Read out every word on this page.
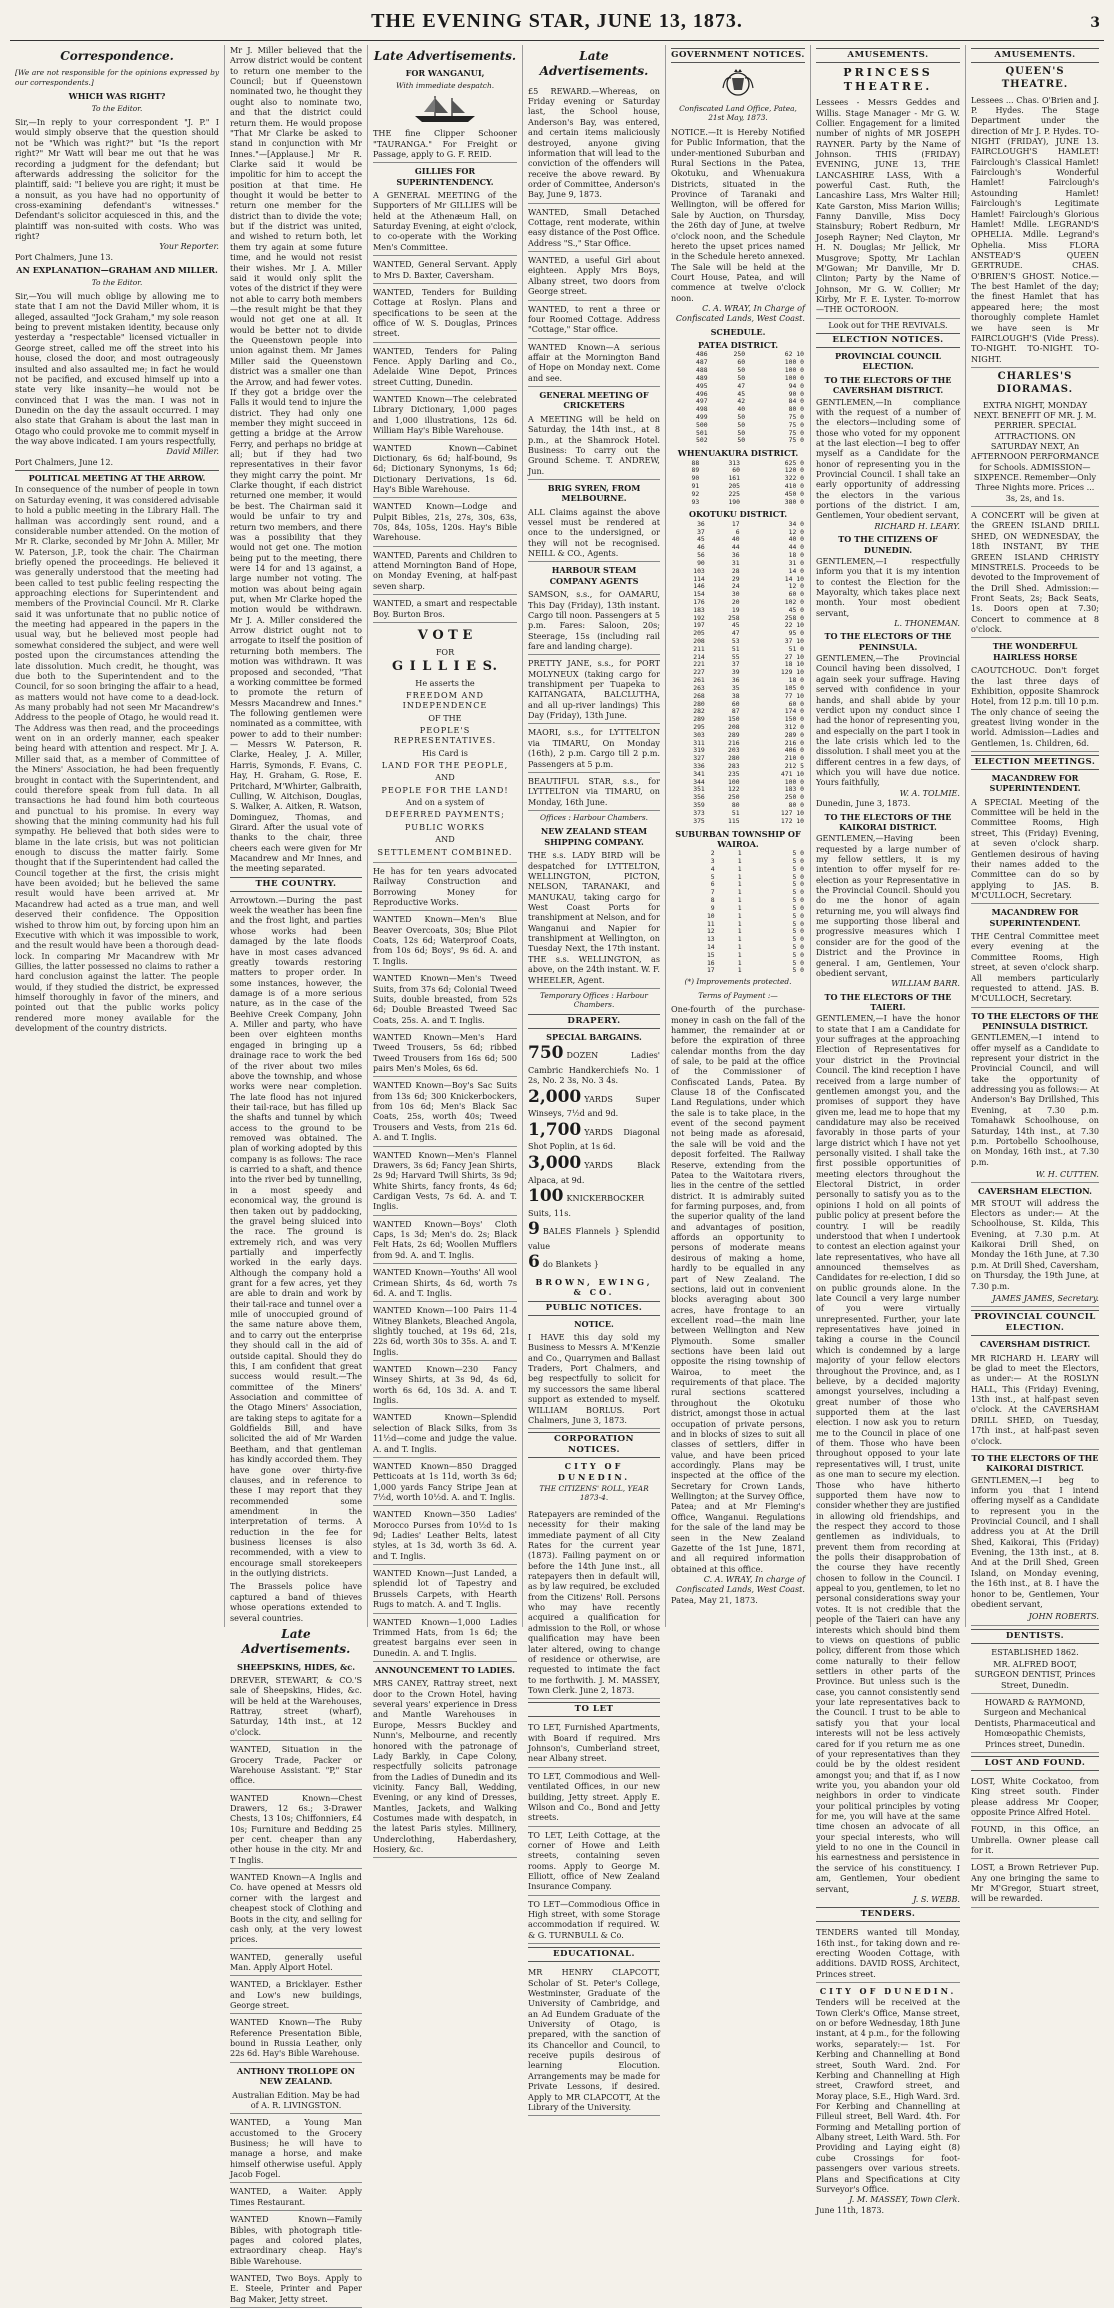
THE EVENING STAR, JUNE 13, 1873.	3
Correspondence.
[We are not responsible for the opinions expressed by our correspondents.]
WHICH WAS RIGHT?
To the Editor.

Sir,—In reply to your correspondent "J. P." I would simply observe that the question should not be "Which was right?" but "Is the report right?" Mr Watt will bear me out that he was recording a judgment for the defendant; but afterwards addressing the solicitor for the plaintiff, said: "I believe you are right; it must be a nonsuit, as you have had no opportunity of cross-examining defendant's witnesses." Defendant's solicitor acquiesced in this, and the plaintiff was non-suited with costs. Who was right?

Your Reporter.
Port Chalmers, June 13.
AN EXPLANATION—GRAHAM AND MILLER.
To the Editor.

Sir,—You will much oblige by allowing me to state that I am not the David Miller whom, it is alleged, assaulted "Jock Graham," my sole reason being to prevent mistaken identity, because only yesterday a "respectable" licensed victualler in George street, called me off the street into his house, closed the door, and most outrageously insulted and also assaulted me; in fact he would not be pacified, and excused himself up into a state very like insanity—he would not be convinced that I was the man. I was not in Dunedin on the day the assault occurred. I may also state that Graham is about the last man in Otago who could provoke me to commit myself in the way above indicated. I am yours respectfully,

David Miller.
Port Chalmers, June 12.
POLITICAL MEETING AT THE ARROW.

In consequence of the number of people in town on Saturday evening, it was considered advisable to hold a public meeting in the Library Hall. The hallman was accordingly sent round, and a considerable number attended. On the motion of Mr R. Clarke, seconded by Mr John A. Miller, Mr W. Paterson, J.P., took the chair. The Chairman briefly opened the proceedings. He believed it was generally understood that the meeting had been called to test public feeling respecting the approaching elections for Superintendent and members of the Provincial Council. Mr R. Clarke said it was unfortunate that no public notice of the meeting had appeared in the papers in the usual way, but he believed most people had somewhat considered the subject, and were well posted upon the circumstances attending the late dissolution. Much credit, he thought, was due both to the Superintendent and to the Council, for so soon bringing the affair to a head, as matters would not have come to a dead-lock. As many probably had not seen Mr Macandrew's Address to the people of Otago, he would read it. The Address was then read, and the proceedings went on in an orderly manner, each speaker being heard with attention and respect. Mr J. A. Miller said that, as a member of Committee of the Miners' Association, he had been frequently brought in contact with the Superintendent, and could therefore speak from full data. In all transactions he had found him both courteous and punctual to his promise. In every way showing that the mining community had his full sympathy. He believed that both sides were to blame in the late crisis, but was not politician enough to discuss the matter fairly. Some thought that if the Superintendent had called the Council together at the first, the crisis might have been avoided; but he believed the same result would have been arrived at. Mr Macandrew had acted as a true man, and well deserved their confidence. The Opposition wished to throw him out, by forcing upon him an Executive with which it was impossible to work, and the result would have been a thorough dead-lock. In comparing Mr Macandrew with Mr Gillies, the latter possessed no claims to rather a hard conclusion against the latter. The people would, if they studied the district, be expressed himself thoroughly in favor of the miners, and pointed out that the public works policy rendered more money available for the development of the country districts.

Mr J. Miller believed that the Arrow district would be content to return one member to the Council; but if Queenstown nominated two, he thought they ought also to nominate two, and that the district could return them. He would propose "That Mr Clarke be asked to stand in conjunction with Mr Innes."—[Applause.] Mr R. Clarke said it would be impolitic for him to accept the position at that time. He thought it would be better to return one member for the district than to divide the vote; but if the district was united, and wished to return both, let them try again at some future time, and he would not resist their wishes. Mr J. A. Miller said it would only split the votes of the district if they were not able to carry both members—the result might be that they would not get one at all. It would be better not to divide the Queenstown people into union against them. Mr James Miller said the Queenstown district was a smaller one than the Arrow, and had fewer votes. If they got a bridge over the Falls it would tend to injure the district. They had only one member they might succeed in getting a bridge at the Arrow Ferry, and perhaps no bridge at all; but if they had two representatives in their favor they might carry the point. Mr Clarke thought, if each district returned one member, it would be best. The Chairman said it would be unfair to try and return two members, and there was a possibility that they would not get one. The motion being put to the meeting, there were 14 for and 13 against, a large number not voting. The motion was about being again put, when Mr Clarke hoped the motion would be withdrawn. Mr J. A. Miller considered the Arrow district ought not to arrogate to itself the position of returning both members. The motion was withdrawn. It was proposed and seconded, "That a working committee be formed to promote the return of Messrs Macandrew and Innes." The following gentlemen were nominated as a committee, with power to add to their number:— Messrs W. Paterson, R. Clarke, Healey, J. A. Miller, Harris, Symonds, F. Evans, C. Hay, H. Graham, G. Rose, E. Pritchard, M'Whirter, Galbraith, Culling, W. Aitchison, Douglas, S. Walker, A. Aitken, R. Watson, Dominguez, Thomas, and Girard. After the usual vote of thanks to the chair, three cheers each were given for Mr Macandrew and Mr Innes, and the meeting separated.

THE COUNTRY.

Arrowtown.—During the past week the weather has been fine and the frost light, and parties whose works had been damaged by the late floods have in most cases advanced greatly towards restoring matters to proper order. In some instances, however, the damage is of a more serious nature, as in the case of the Beehive Creek Company, John A. Miller and party, who have been over eighteen months engaged in bringing up a drainage race to work the bed of the river about two miles above the township, and whose works were near completion. The late flood has not injured their tail-race, but has filled up the shafts and tunnel by which access to the ground to be removed was obtained. The plan of working adopted by this company is as follows: The race is carried to a shaft, and thence into the river bed by tunnelling, in a most speedy and economical way, the ground is then taken out by paddocking, the gravel being sluiced into the race. The ground is extremely rich, and was very partially and imperfectly worked in the early days. Although the company hold a grant for a few acres, yet they are able to drain and work by their tail-race and tunnel over a mile of unoccupied ground of the same nature above them, and to carry out the enterprise they should call in the aid of outside capital. Should they do this, I am confident that great success would result.—The committee of the Miners' Association and committee of the Otago Miners' Association, are taking steps to agitate for a Goldfields Bill, and have solicited the aid of Mr Warden Beetham, and that gentleman has kindly accorded them. They have gone over thirty-five clauses, and in reference to these I may report that they recommended some amendment in the interpretation of terms. A reduction in the fee for business licenses is also recommended, with a view to encourage small storekeepers in the outlying districts.

The Brassels police have captured a band of thieves whose operations extended to several countries.

Late Advertisements.
SHEEPSKINS, HIDES, &c.
DREVER, STEWART, & CO.'S sale of Sheepskins, Hides, &c. will be held at the Warehouses, Rattray, street (wharf), Saturday, 14th inst., at 12 o'clock.
WANTED, Situation in the Grocery Trade, Packer or Warehouse Assistant. "P," Star office.
WANTED Known—Chest Drawers, 12 6s.; 3-Drawer Chests, 13 10s; Chiffonniers, £4 10s; Furniture and Bedding 25 per cent. cheaper than any other house in the city. Mr and T Inglis.
WANTED Known—A Inglis and Co. have opened at Messrs old corner with the largest and cheapest stock of Clothing and Boots in the city, and selling for cash only, at the very lowest prices.
WANTED, generally useful Man. Apply Alport Hotel.
WANTED, a Bricklayer. Esther and Low's new buildings, George street.
WANTED Known—The Ruby Reference Presentation Bible, bound in Russia Leather, only 22s 6d. Hay's Bible Warehouse.
ANTHONY TROLLOPE ON NEW ZEALAND.
Australian Edition. May be had of A. R. LIVINGSTON.
WANTED, a Young Man accustomed to the Grocery Business; he will have to manage a horse, and make himself otherwise useful. Apply Jacob Fogel.
WANTED, a Waiter. Apply Times Restaurant.
WANTED Known—Family Bibles, with photograph title-pages and colored plates, extraordinary cheap. Hay's Bible Warehouse.
WANTED, Two Boys. Apply to E. Steele, Printer and Paper Bag Maker, Jetty street.
Late Advertisements.
FOR WANGANUI,
With immediate despatch.
THE fine Clipper Schooner "TAURANGA." For Freight or Passage, apply to G. F. REID.
GILLIES FOR SUPERINTENDENCY.
A GENERAL MEETING of the Supporters of Mr GILLIES will be held at the Athenæum Hall, on Saturday Evening, at eight o'clock, to co-operate with the Working Men's Committee.
WANTED, General Servant. Apply to Mrs D. Baxter, Caversham.
WANTED, Tenders for Building Cottage at Roslyn. Plans and specifications to be seen at the office of W. S. Douglas, Princes street.
WANTED, Tenders for Paling Fence. Apply Darling and Co., Adelaide Wine Depot, Princes street Cutting, Dunedin.
WANTED Known—The celebrated Library Dictionary, 1,000 pages and 1,000 illustrations, 12s 6d. William Hay's Bible Warehouse.
WANTED Known—Cabinet Dictionary, 6s 6d; half-bound, 9s 6d; Dictionary Synonyms, 1s 6d; Dictionary Derivations, 1s 6d. Hay's Bible Warehouse.
WANTED Known—Lodge and Pulpit Bibles, 21s, 27s, 30s, 63s, 70s, 84s, 105s, 120s. Hay's Bible Warehouse.
WANTED, Parents and Children to attend Mornington Band of Hope, on Monday Evening, at half-past seven sharp.
WANTED, a smart and respectable Boy. Burton Bros.
V O T E
FOR
G I L L I E S.
He asserts the
FREEDOM AND INDEPENDENCE
OF THE
PEOPLE'S REPRESENTATIVES.
His Card is
LAND FOR THE PEOPLE,
AND
PEOPLE FOR THE LAND!
And on a system of
DEFERRED PAYMENTS;
PUBLIC WORKS
AND
SETTLEMENT COMBINED.
He has for ten years advocated Railway Construction and Borrowing Money for Reproductive Works.
WANTED Known—Men's Blue Beaver Overcoats, 30s; Blue Pilot Coats, 12s 6d; Waterproof Coats, from 10s 6d; Boys', 9s 6d. A. and T. Inglis.
WANTED Known—Men's Tweed Suits, from 37s 6d; Colonial Tweed Suits, double breasted, from 52s 6d; Double Breasted Tweed Sac Coats, 25s. A. and T. Inglis.
WANTED Known—Men's Hard Tweed Trousers, 5s 6d; ribbed Tweed Trousers from 16s 6d; 500 pairs Men's Moles, 6s 6d.
WANTED Known—Boy's Sac Suits from 13s 6d; 300 Knickerbockers, from 10s 6d; Men's Black Sac Coats, 25s, worth 40s; Tweed Trousers and Vests, from 21s 6d. A. and T. Inglis.
WANTED Known—Men's Flannel Drawers, 3s 6d; Fancy Jean Shirts, 2s 9d; Harvard Twill Shirts, 3s 9d; White Shirts, fancy fronts, 4s 6d; Cardigan Vests, 7s 6d. A. and T. Inglis.
WANTED Known—Boys' Cloth Caps, 1s 3d; Men's do. 2s; Black Felt Hats, 2s 6d; Woollen Mufflers from 9d. A. and T. Inglis.
WANTED Known—Youths' All wool Crimean Shirts, 4s 6d, worth 7s 6d. A. and T. Inglis.
WANTED Known—100 Pairs 11-4 Witney Blankets, Bleached Angola, slightly touched, at 19s 6d, 21s, 22s 6d, worth 30s to 35s. A. and T. Inglis.
WANTED Known—230 Fancy Winsey Shirts, at 3s 9d, 4s 6d, worth 6s 6d, 10s 3d. A. and T. Inglis.
WANTED Known—Splendid selection of Black Silks, from 3s 11½d—come and judge the value. A. and T. Inglis.
WANTED Known—850 Dragged Petticoats at 1s 11d, worth 3s 6d; 1,000 yards Fancy Stripe Jean at 7½d, worth 10½d. A. and T. Inglis.
WANTED Known—350 Ladies' Morocco Purses from 10½d to 1s 9d; Ladies' Leather Belts, latest styles, at 1s 3d, worth 3s 6d. A. and T. Inglis.
WANTED Known—Just Landed, a splendid lot of Tapestry and Brussels Carpets, with Hearth Rugs to match. A. and T. Inglis.
WANTED Known—1,000 Ladies Trimmed Hats, from 1s 6d; the greatest bargains ever seen in Dunedin. A. and T. Inglis.
ANNOUNCEMENT TO LADIES.
MRS CANEY, Rattray street, next door to the Crown Hotel, having several years' experience in Dress and Mantle Warehouses in Europe, Messrs Buckley and Nunn's, Melbourne, and recently honored with the patronage of Lady Barkly, in Cape Colony, respectfully solicits patronage from the Ladies of Dunedin and its vicinity. Fancy Ball, Wedding, Evening, or any kind of Dresses, Mantles, Jackets, and Walking Costumes made with despatch, in the latest Paris styles. Millinery, Underclothing, Haberdashery, Hosiery, &c.
Late Advertisements.
£5 REWARD.—Whereas, on Friday evening or Saturday last, the School house, Anderson's Bay, was entered, and certain items maliciously destroyed, anyone giving information that will lead to the conviction of the offenders will receive the above reward. By order of Committee, Anderson's Bay, June 9, 1873.
WANTED, Small Detached Cottage, rent moderate, within easy distance of the Post Office. Address "S.," Star Office.
WANTED, a useful Girl about eighteen. Apply Mrs Boys, Albany street, two doors from George street.
WANTED, to rent a three or four Roomed Cottage. Address "Cottage," Star office.
WANTED Known—A serious affair at the Mornington Band of Hope on Monday next. Come and see.
GENERAL MEETING OF CRICKETERS
A MEETING will be held on Saturday, the 14th inst., at 8 p.m., at the Shamrock Hotel. Business: To carry out the Ground Scheme. T. ANDREW, Jun.
BRIG SYREN, FROM MELBOURNE.
ALL Claims against the above vessel must be rendered at once to the undersigned, or they will not be recognised. NEILL & CO., Agents.
HARBOUR STEAM COMPANY AGENTS
SAMSON, s.s., for OAMARU, This Day (Friday), 13th instant. Cargo till noon. Passengers at 5 p.m. Fares: Saloon, 20s; Steerage, 15s (including rail fare and landing charge).
PRETTY JANE, s.s., for PORT MOLYNEUX (taking cargo for transhipment per Tuapeka to KAITANGATA, BALCLUTHA, and all up-river landings) This Day (Friday), 13th June.
MAORI, s.s., for LYTTELTON via TIMARU, On Monday (16th), 2 p.m. Cargo till 2 p.m. Passengers at 5 p.m.
BEAUTIFUL STAR, s.s., for LYTTELTON via TIMARU, on Monday, 16th June.
Offices : Harbour Chambers.
NEW ZEALAND STEAM SHIPPING COMPANY.
THE s.s. LADY BIRD will be despatched for LYTTELTON, WELLINGTON, PICTON, NELSON, TARANAKI, and MANUKAU, taking cargo for West Coast Ports for transhipment at Nelson, and for Wanganui and Napier for transhipment at Wellington, on Tuesday Next, the 17th instant. THE s.s. WELLINGTON, as above, on the 24th instant. W. F. WHEELER, Agent.
Temporary Offices : Harbour Chambers.
DRAPERY.
SPECIAL BARGAINS.
750 DOZEN Ladies' Cambric Handkerchiefs No. 1 2s, No. 2 3s, No. 3 4s.
2,000 YARDS Super Winseys, 7½d and 9d.
1,700 YARDS Diagonal Shot Poplin, at 1s 6d.
3,000 YARDS Black Alpaca, at 9d.
100 KNICKERBOCKER Suits, 11s.
9 BALES Flannels } Splendid value
6 do Blankets }
BROWN, EWING, & CO.
PUBLIC NOTICES.
NOTICE.
I HAVE this day sold my Business to Messrs A. M'Kenzie and Co., Quarrymen and Ballast Traders, Port Chalmers, and beg respectfully to solicit for my successors the same liberal support as extended to myself. WILLIAM BORLUS. Port Chalmers, June 3, 1873.
CORPORATION NOTICES.
CITY OF DUNEDIN.
THE CITIZENS' ROLL, YEAR 1873-4.
Ratepayers are reminded of the necessity for their making immediate payment of all City Rates for the current year (1873). Failing payment on or before the 14th June inst., all ratepayers then in default will, as by law required, be excluded from the Citizens' Roll. Persons who may have recently acquired a qualification for admission to the Roll, or whose qualification may have been later altered, owing to change of residence or otherwise, are requested to intimate the fact to me forthwith. J. M. MASSEY, Town Clerk. June 2, 1873.
TO LET
TO LET, Furnished Apartments, with Board if required. Mrs Johnson's, Cumberland street, near Albany street.
TO LET, Commodious and Well-ventilated Offices, in our new building, Jetty street. Apply E. Wilson and Co., Bond and Jetty streets.
TO LET, Leith Cottage, at the corner of Howe and Leith streets, containing seven rooms. Apply to George M. Elliott, office of New Zealand Insurance Company.
TO LET—Commodious Office in High street, with some Storage accommodation if required. W. & G. TURNBULL & Co.
EDUCATIONAL.
MR HENRY CLAPCOTT, Scholar of St. Peter's College, Westminster, Graduate of the University of Cambridge, and an Ad Eundem Graduate of the University of Otago, is prepared, with the sanction of its Chancellor and Council, to receive pupils desirous of learning Elocution. Arrangements may be made for Private Lessons, if desired. Apply to MR CLAPCOTT, At the Library of the University.
GOVERNMENT NOTICES.
Confiscated Land Office, Patea, 21st May, 1873.

NOTICE.—It is Hereby Notified for Public Information, that the under-mentioned Suburban and Rural Sections in the Patea, Okotuku, and Whenuakura Districts, situated in the Province of Taranaki and Wellington, will be offered for Sale by Auction, on Thursday, the 26th day of June, at twelve o'clock noon, and the Schedule hereto the upset prices named in the Schedule hereto annexed. The Sale will be held at the Court House, Patea, and will commence at twelve o'clock noon.

C. A. WRAY, In Charge of Confiscated Lands, West Coast.
SCHEDULE.
PATEA DISTRICT.
486	250	62 10
487	60	100 0
488	50	100 0
489	50	100 0
495	47	94 0
496	45	90 0
497	42	84 0
498	40	80 0
499	50	75 0
500	50	75 0
501	50	75 0
502	50	75 0
WHENUAKURA DISTRICT.
88	313	625 0
89	60	120 0
90	161	322 0
91	205	410 0
92	225	450 0
93	190	380 0
OKOTUKU DISTRICT.
36	17	34 0
37	6	12 0
45	40	40 0
46	44	44 0
56	36	18 0
90	31	31 0
103	28	14 0
114	29	14 10
146	24	12 0
154	30	60 0
176	20	102 0
183	19	45 0
192	258	258 0
197	45	22 10
205	47	95 0
208	53	37 10
211	51	51 0
214	55	27 10
221	37	18 10
227	39	129 10
261	36	18 0
263	35	105 0
268	38	77 10
280	60	60 0
282	87	174 0
289	150	150 0
295	208	312 0
303	289	289 0
311	216	216 0
319	203	406 0
327	280	210 0
336	283	212 5
341	235	471 10
344	100	100 0
351	122	183 0
356	250	250 0
359	80	80 0
373	51	127 10
375	115	172 10
SUBURBAN TOWNSHIP OF WAIROA.
2	1	5 0
3	1	5 0
4	1	5 0
5	1	5 0
6	1	5 0
7	1	5 0
8	1	5 0
9	1	5 0
10	1	5 0
11	1	5 0
12	1	5 0
13	1	5 0
14	1	5 0
15	1	5 0
16	1	5 0
17	1	5 0
(*) Improvements protected.
Terms of Payment :—

One-fourth of the purchase-money in cash on the fall of the hammer, the remainder at or before the expiration of three calendar months from the day of sale, to be paid at the office of the Commissioner of Confiscated Lands, Patea. By Clause 18 of the Confiscated Land Regulations, under which the sale is to take place, in the event of the second payment not being made as aforesaid, the sale will be void and the deposit forfeited. The Railway Reserve, extending from the Patea to the Waitotara rivers, lies in the centre of the settled district. It is admirably suited for farming purposes, and, from the superior quality of the land and advantages of position, affords an opportunity to persons of moderate means desirous of making a home, hardly to be equalled in any part of New Zealand. The sections, laid out in convenient blocks averaging about 300 acres, have frontage to an excellent road—the main line between Wellington and New Plymouth. Some smaller sections have been laid out opposite the rising township of Wairoa, to meet the requirements of that place. The rural sections scattered throughout the Okotuku district, amongst those in actual occupation of private persons, and in blocks of sizes to suit all classes of settlers, differ in value, and have been priced accordingly. Plans may be inspected at the office of the Secretary for Crown Lands, Wellington; at the Survey Office, Patea; and at Mr Fleming's Office, Wanganui. Regulations for the sale of the land may be seen in the New Zealand Gazette of the 1st June, 1871, and all required information obtained at this office.

C. A. WRAY, In charge of Confiscated Lands, West Coast.
Patea, May 21, 1873.
AMUSEMENTS.
PRINCESS THEATRE.
Lessees - Messrs Geddes and Willis. Stage Manager - Mr G. W. Collier. Engagement for a limited number of nights of MR JOSEPH RAYNER. Party by the Name of Johnson. THIS (FRIDAY) EVENING, JUNE 13, THE LANCASHIRE LASS, With a powerful Cast. Ruth, the Lancashire Lass, Mrs Walter Hill; Kate Garston, Miss Marion Willis; Fanny Danville, Miss Docy Stainsbury; Robert Redburn, Mr Joseph Rayner; Ned Clayton, Mr H. N. Douglas; Mr Jellick, Mr Musgrove; Spotty, Mr Lachlan M'Gowan; Mr Danville, Mr D. Clinton; Party by the Name of Johnson, Mr G. W. Collier; Mr Kirby, Mr F. E. Lyster. To-morrow—THE OCTOROON.
Look out for THE REVIVALS.
ELECTION NOTICES.
PROVINCIAL COUNCIL ELECTION.
TO THE ELECTORS OF THE CAVERSHAM DISTRICT.

GENTLEMEN,—In compliance with the request of a number of the electors—including some of those who voted for my opponent at the last election—I beg to offer myself as a Candidate for the honor of representing you in the Provincial Council. I shall take an early opportunity of addressing the electors in the various portions of the district. I am, Gentlemen, Your obedient servant,

RICHARD H. LEARY.
TO THE CITIZENS OF DUNEDIN.

GENTLEMEN,—I respectfully inform you that it is my intention to contest the Election for the Mayoralty, which takes place next month. Your most obedient servant,

L. THONEMAN.
TO THE ELECTORS OF THE PENINSULA.

GENTLEMEN,—The Provincial Council having been dissolved, I again seek your suffrage. Having served with confidence in your hands, and shall abide by your verdict upon my conduct since I had the honor of representing you, and especially on the part I took in the late crisis which led to the dissolution. I shall meet you at the different centres in a few days, of which you will have due notice. Yours faithfully,

W. A. TOLMIE.
Dunedin, June 3, 1873.
TO THE ELECTORS OF THE KAIKORAI DISTRICT.

GENTLEMEN,—Having been requested by a large number of my fellow settlers, it is my intention to offer myself for re-election as your Representative in the Provincial Council. Should you do me the honor of again returning me, you will always find me supporting those liberal and progressive measures which I consider are for the good of the District and the Province in general. I am, Gentlemen, Your obedient servant,

WILLIAM BARR.
TO THE ELECTORS OF THE TAIERI.

GENTLEMEN,—I have the honor to state that I am a Candidate for your suffrages at the approaching Election of Representatives for your district in the Provincial Council. The kind reception I have received from a large number of gentlemen amongst you, and the promises of support they have given me, lead me to hope that my candidature may also be received favorably in those parts of your large district which I have not yet personally visited. I shall take the first possible opportunities of meeting electors throughout the Electoral District, in order personally to satisfy you as to the opinions I hold on all points of public policy at present before the country. I will be readily understood that when I undertook to contest an election against your late representatives, who have all announced themselves as Candidates for re-election, I did so on public grounds alone. In the late Council a very large number of you were virtually unrepresented. Further, your late representatives have joined in taking a course in the Council which is condemned by a large majority of your fellow electors throughout the Province, and, as I believe, by a decided majority amongst yourselves, including a great number of those who supported them at the last election. I now ask you to return me to the Council in place of one of them. Those who have been throughout opposed to your late representatives will, I trust, unite as one man to secure my election. Those who have hitherto supported them have now to consider whether they are justified in allowing old friendships, and the respect they accord to those gentlemen as individuals, to prevent them from recording at the polls their disapprobation of the course they have recently chosen to follow in the Council. I appeal to you, gentlemen, to let no personal considerations sway your votes. It is not credible that the people of the Taieri can have any interests which should bind them to views on questions of public policy, different from those which come naturally to their fellow settlers in other parts of the Province. But unless such is the case, you cannot consistently send your late representatives back to the Council. I trust to be able to satisfy you that your local interests will not be less actively cared for if you return me as one of your representatives than they could be by the oldest resident amongst you; and that if, as I now write you, you abandon your old neighbors in order to vindicate your political principles by voting for me, you will have at the same time chosen an advocate of all your special interests, who will yield to no one in the Council in his earnestness and persistence in the service of his constituency. I am, Gentlemen, Your obedient servant,

J. S. WEBB.
TENDERS.
TENDERS wanted till Monday, 16th inst., for taking down and re-erecting Wooden Cottage, with additions. DAVID ROSS, Architect, Princes street.
CITY OF DUNEDIN.

Tenders will be received at the Town Clerk's Office, Manse street, on or before Wednesday, 18th June instant, at 4 p.m., for the following works, separately:— 1st. For Kerbing and Channelling at Bond street, South Ward. 2nd. For Kerbing and Channelling at High street, Crawford street, and Moray place, S.E., High Ward. 3rd. For Kerbing and Channelling at Filleul street, Bell Ward. 4th. For Forming and Metalling portion of Albany street, Leith Ward. 5th. For Providing and Laying eight (8) cube Crossings for foot-passengers over various streets. Plans and Specifications at City Surveyor's Office.

J. M. MASSEY, Town Clerk.
June 11th, 1873.
AMUSEMENTS.
QUEEN'S THEATRE.
Lessees ... Chas. O'Brien and J. P. Hydes. The Stage Department under the direction of Mr J. P. Hydes. TO-NIGHT (FRIDAY), JUNE 13. FAIRCLOUGH'S HAMLET! Fairclough's Classical Hamlet! Fairclough's Wonderful Hamlet! Fairclough's Astounding Hamlet! Fairclough's Legitimate Hamlet! Fairclough's Glorious Hamlet! Mdlle. LEGRAND'S OPHELIA. Mdlle. Legrand's Ophelia. Miss FLORA ANSTEAD'S QUEEN GERTRUDE. CHAS. O'BRIEN'S GHOST. Notice.—The best Hamlet of the day; the finest Hamlet that has appeared here; the most thoroughly complete Hamlet we have seen is Mr FAIRCLOUGH'S (Vide Press). TO-NIGHT. TO-NIGHT. TO-NIGHT.
CHARLES'S DIORAMAS.
EXTRA NIGHT, MONDAY NEXT. BENEFIT OF MR. J. M. PERRIER. SPECIAL ATTRACTIONS. ON SATURDAY NEXT, An AFTERNOON PERFORMANCE for Schools. ADMISSION—SIXPENCE. Remember—Only Three Nights more. Prices ... 3s, 2s, and 1s.
A CONCERT will be given at the GREEN ISLAND DRILL SHED, ON WEDNESDAY, the 18th INSTANT, BY THE GREEN ISLAND CHRISTY MINSTRELS. Proceeds to be devoted to the Improvement of the Drill Shed. Admission:—Front Seats, 2s; Back Seats, 1s. Doors open at 7.30; Concert to commence at 8 o'clock.
THE WONDERFUL HAIRLESS HORSE
CAOUTCHOUC. Don't forget the last three days of Exhibition, opposite Shamrock Hotel, from 12 p.m. till 10 p.m. The only chance of seeing the greatest living wonder in the world. Admission—Ladies and Gentlemen, 1s. Children, 6d.
ELECTION MEETINGS.
MACANDREW FOR SUPERINTENDENT.
A SPECIAL Meeting of the Committee will be held in the Committee Rooms, High street, This (Friday) Evening, at seven o'clock sharp. Gentlemen desirous of having their names added to the Committee can do so by applying to JAS. B. M'CULLOCH, Secretary.
MACANDREW FOR SUPERINTENDENT.
THE Central Committee meet every evening at the Committee Rooms, High street, at seven o'clock sharp. All members particularly requested to attend. JAS. B. M'CULLOCH, Secretary.
TO THE ELECTORS OF THE PENINSULA DISTRICT.
GENTLEMEN,—I intend to offer myself as a Candidate to represent your district in the Provincial Council, and will take the opportunity of addressing you as follows:— At Anderson's Bay Drillshed, This Evening, at 7.30 p.m. Tomahawk Schoolhouse, on Saturday, 14th inst., at 7.30 p.m. Portobello Schoolhouse, on Monday, 16th inst., at 7.30 p.m.
W. H. CUTTEN.
CAVERSHAM ELECTION.
MR STOUT will address the Electors as under:— At the Schoolhouse, St. Kilda, This Evening, at 7.30 p.m. At Kaikorai Drill Shed, on Monday the 16th June, at 7.30 p.m. At Drill Shed, Caversham, on Thursday, the 19th June, at 7.30 p.m.
JAMES JAMES, Secretary.
PROVINCIAL COUNCIL ELECTION.
CAVERSHAM DISTRICT.
MR RICHARD H. LEARY will be glad to meet the Electors, as under:— At the ROSLYN HALL, This (Friday) Evening, 13th inst., at half-past seven o'clock. At the CAVERSHAM DRILL SHED, on Tuesday, 17th inst., at half-past seven o'clock.
TO THE ELECTORS OF THE KAIKORAI DISTRICT.
GENTLEMEN,—I beg to inform you that I intend offering myself as a Candidate to represent you in the Provincial Council, and I shall address you at At the Drill Shed, Kaikorai, This (Friday) Evening, the 13th inst., at 8. And at the Drill Shed, Green Island, on Monday evening, the 16th inst., at 8. I have the honor to be, Gentlemen, Your obedient servant,
JOHN ROBERTS.
DENTISTS.
ESTABLISHED 1862.
MR. ALFRED BOOT, SURGEON DENTIST, Princes Street, Dunedin.
HOWARD & RAYMOND, Surgeon and Mechanical Dentists, Pharmaceutical and Homœopathic Chemists, Princes street, Dunedin.
LOST AND FOUND.
LOST, White Cockatoo, from King street south. Finder please address Mr Cooper, opposite Prince Alfred Hotel.
FOUND, in this Office, an Umbrella. Owner please call for it.
LOST, a Brown Retriever Pup. Any one bringing the same to Mr M'Gregor, Stuart street, will be rewarded.
